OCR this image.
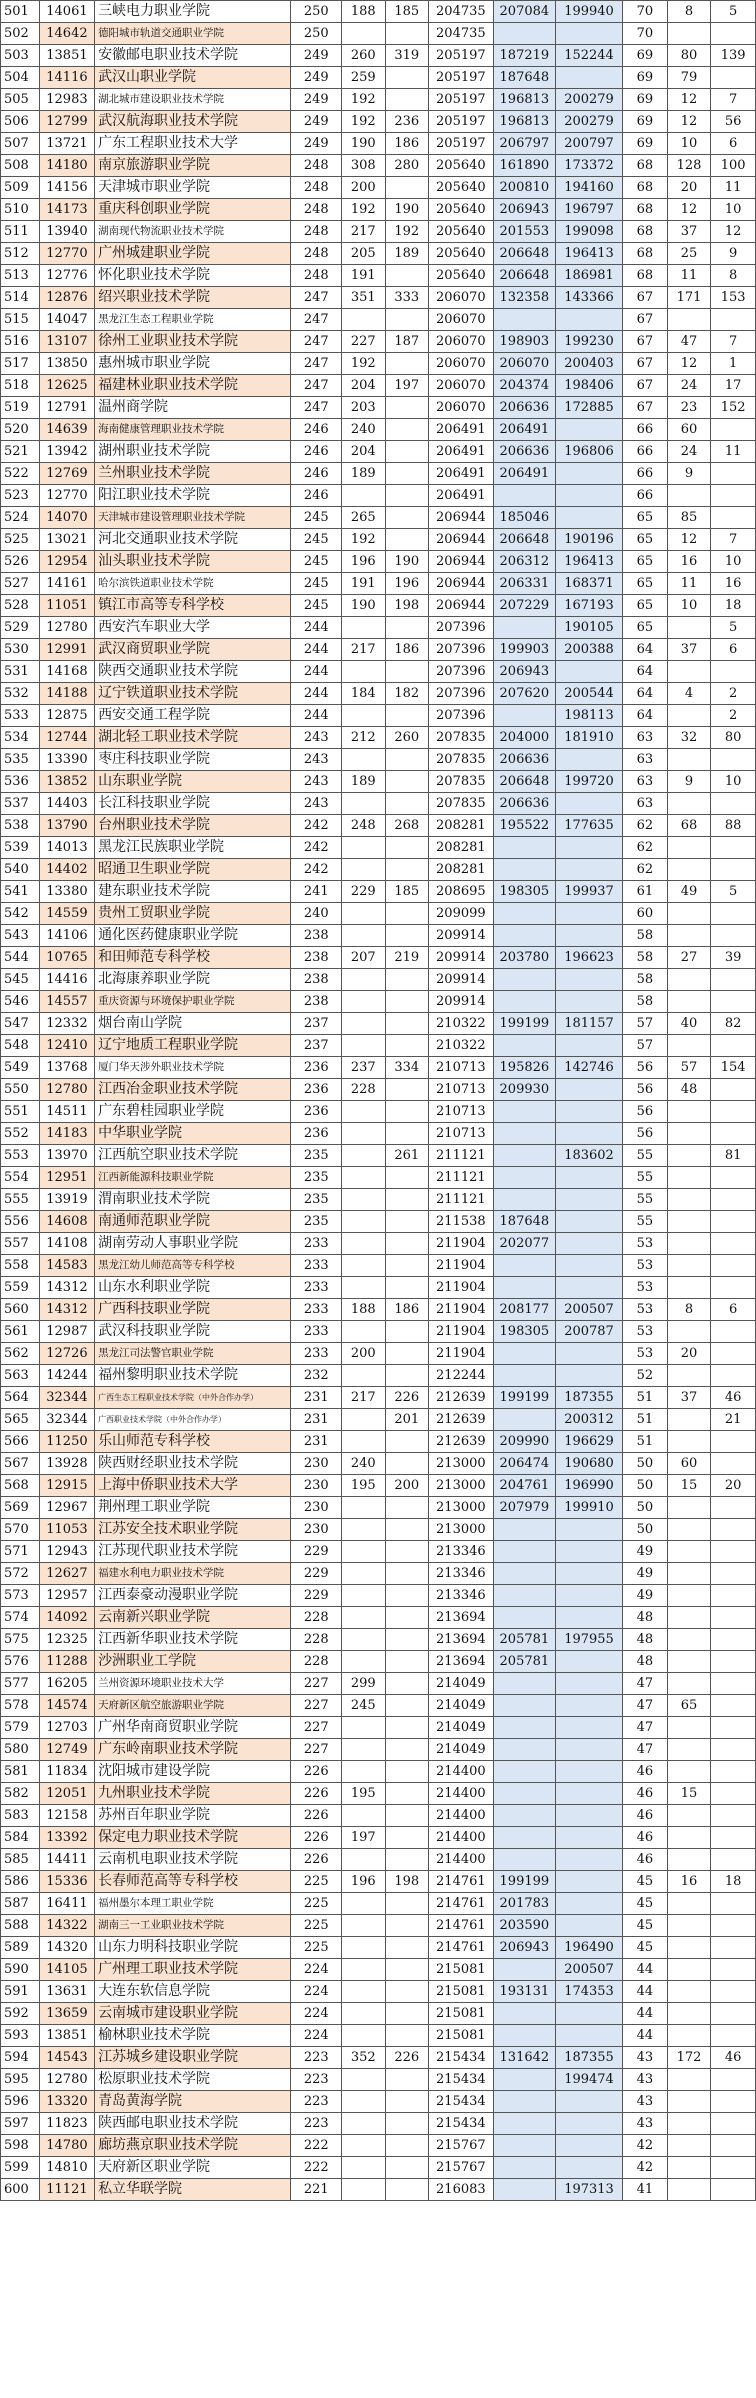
501	14061	三峡电力职业学院	250	188	185	204735	207084	199940	70	8	5
502	14642	德阳城市轨道交通职业学院	250			204735			70		
503	13851	安徽邮电职业技术学院	249	260	319	205197	187219	152244	69	80	139
504	14116	武汉山职业学院	249	259		205197	187648		69	79	
505	12983	湖北城市建设职业技术学院	249	192		205197	196813	200279	69	12	7
506	12799	武汉航海职业技术学院	249	192	236	205197	196813	200279	69	12	56
507	13721	广东工程职业技术大学	249	190	186	205197	206797	200797	69	10	6
508	14180	南京旅游职业学院	248	308	280	205640	161890	173372	68	128	100
509	14156	天津城市职业学院	248	200		205640	200810	194160	68	20	11
510	14173	重庆科创职业学院	248	192	190	205640	206943	196797	68	12	10
511	13940	湖南现代物流职业技术学院	248	217	192	205640	201553	199098	68	37	12
512	12770	广州城建职业学院	248	205	189	205640	206648	196413	68	25	9
513	12776	怀化职业技术学院	248	191		205640	206648	186981	68	11	8
514	12876	绍兴职业技术学院	247	351	333	206070	132358	143366	67	171	153
515	14047	黑龙江生态工程职业学院	247			206070			67		
516	13107	徐州工业职业技术学院	247	227	187	206070	198903	199230	67	47	7
517	13850	惠州城市职业学院	247	192		206070	206070	200403	67	12	1
518	12625	福建林业职业技术学院	247	204	197	206070	204374	198406	67	24	17
519	12791	温州商学院	247	203		206070	206636	172885	67	23	152
520	14639	海南健康管理职业技术学院	246	240		206491	206491		66	60	
521	13942	湖州职业技术学院	246	204		206491	206636	196806	66	24	11
522	12769	兰州职业技术学院	246	189		206491	206491		66	9	
523	12770	阳江职业技术学院	246			206491			66		
524	14070	天津城市建设管理职业技术学院	245	265		206944	185046		65	85	
525	13021	河北交通职业技术学院	245	192		206944	206648	190196	65	12	7
526	12954	汕头职业技术学院	245	196	190	206944	206312	196413	65	16	10
527	14161	哈尔滨铁道职业技术学院	245	191	196	206944	206331	168371	65	11	16
528	11051	镇江市高等专科学校	245	190	198	206944	207229	167193	65	10	18
529	12780	西安汽车职业大学	244			207396		190105	65		5
530	12991	武汉商贸职业学院	244	217	186	207396	199903	200388	64	37	6
531	14168	陕西交通职业技术学院	244			207396	206943		64		
532	14188	辽宁铁道职业技术学院	244	184	182	207396	207620	200544	64	4	2
533	12875	西安交通工程学院	244			207396		198113	64		2
534	12744	湖北轻工职业技术学院	243	212	260	207835	204000	181910	63	32	80
535	13390	枣庄科技职业学院	243			207835	206636		63		
536	13852	山东职业学院	243	189		207835	206648	199720	63	9	10
537	14403	长江科技职业学院	243			207835	206636		63		
538	13790	台州职业技术学院	242	248	268	208281	195522	177635	62	68	88
539	14013	黑龙江民族职业学院	242			208281			62		
540	14402	昭通卫生职业学院	242			208281			62		
541	13380	建东职业技术学院	241	229	185	208695	198305	199937	61	49	5
542	14559	贵州工贸职业学院	240			209099			60		
543	14106	通化医药健康职业学院	238			209914			58		
544	10765	和田师范专科学校	238	207	219	209914	203780	196623	58	27	39
545	14416	北海康养职业学院	238			209914			58		
546	14557	重庆资源与环境保护职业学院	238			209914			58		
547	12332	烟台南山学院	237			210322	199199	181157	57	40	82
548	12410	辽宁地质工程职业学院	237			210322			57		
549	13768	厦门华天涉外职业技术学院	236	237	334	210713	195826	142746	56	57	154
550	12780	江西冶金职业技术学院	236	228		210713	209930		56	48	
551	14511	广东碧桂园职业学院	236			210713			56		
552	14183	中华职业学院	236			210713			56		
553	13970	江西航空职业技术学院	235		261	211121		183602	55		81
554	12951	江西新能源科技职业学院	235			211121			55		
555	13919	渭南职业技术学院	235			211121			55		
556	14608	南通师范职业学院	235			211538	187648		55		
557	14108	湖南劳动人事职业学院	233			211904	202077		53		
558	14583	黑龙江幼儿师范高等专科学校	233			211904			53		
559	14312	山东水利职业学院	233			211904			53		
560	14312	广西科技职业学院	233	188	186	211904	208177	200507	53	8	6
561	12987	武汉科技职业学院	233			211904	198305	200787	53		
562	12726	黑龙江司法警官职业学院	233	200		211904			53	20	
563	14244	福州黎明职业技术学院	232			212244			52		
564	32344	广西生态工程职业技术学院（中外合作办学）	231	217	226	212639	199199	187355	51	37	46
565	32344	广西职业技术学院（中外合作办学）	231		201	212639		200312	51		21
566	11250	乐山师范专科学校	231			212639	209990	196629	51		
567	13928	陕西财经职业技术学院	230	240		213000	206474	190680	50	60	
568	12915	上海中侨职业技术大学	230	195	200	213000	204761	196990	50	15	20
569	12967	荆州理工职业学院	230			213000	207979	199910	50		
570	11053	江苏安全技术职业学院	230			213000			50		
571	12943	江苏现代职业技术学院	229			213346			49		
572	12627	福建水利电力职业技术学院	229			213346			49		
573	12957	江西泰豪动漫职业学院	229			213346			49		
574	14092	云南新兴职业学院	228			213694			48		
575	12325	江西新华职业技术学院	228			213694	205781	197955	48		
576	11288	沙洲职业工学院	228			213694	205781		48		
577	16205	兰州资源环境职业技术大学	227	299		214049			47		
578	14574	天府新区航空旅游职业学院	227	245		214049			47	65	
579	12703	广州华南商贸职业学院	227			214049			47		
580	12749	广东岭南职业技术学院	227			214049			47		
581	11834	沈阳城市建设学院	226			214400			46		
582	12051	九州职业技术学院	226	195		214400			46	15	
583	12158	苏州百年职业学院	226			214400			46		
584	13392	保定电力职业技术学院	226	197		214400			46		
585	14411	云南机电职业技术学院	226			214400			46		
586	15336	长春师范高等专科学校	225	196	198	214761	199199		45	16	18
587	16411	福州墨尔本理工职业学院	225			214761	201783		45		
588	14322	湖南三一工业职业技术学院	225			214761	203590		45		
589	14320	山东力明科技职业学院	225			214761	206943	196490	45		
590	14105	广州理工职业技术学院	224			215081		200507	44		
591	13631	大连东软信息学院	224			215081	193131	174353	44		
592	13659	云南城市建设职业学院	224			215081			44		
593	13851	榆林职业技术学院	224			215081			44		
594	14543	江苏城乡建设职业学院	223	352	226	215434	131642	187355	43	172	46
595	12780	松原职业技术学院	223			215434		199474	43		
596	13320	青岛黄海学院	223			215434			43		
597	11823	陕西邮电职业技术学院	223			215434			43		
598	14780	廊坊燕京职业技术学院	222			215767			42		
599	14810	天府新区职业学院	222			215767			42		
600	11121	私立华联学院	221			216083		197313	41		
